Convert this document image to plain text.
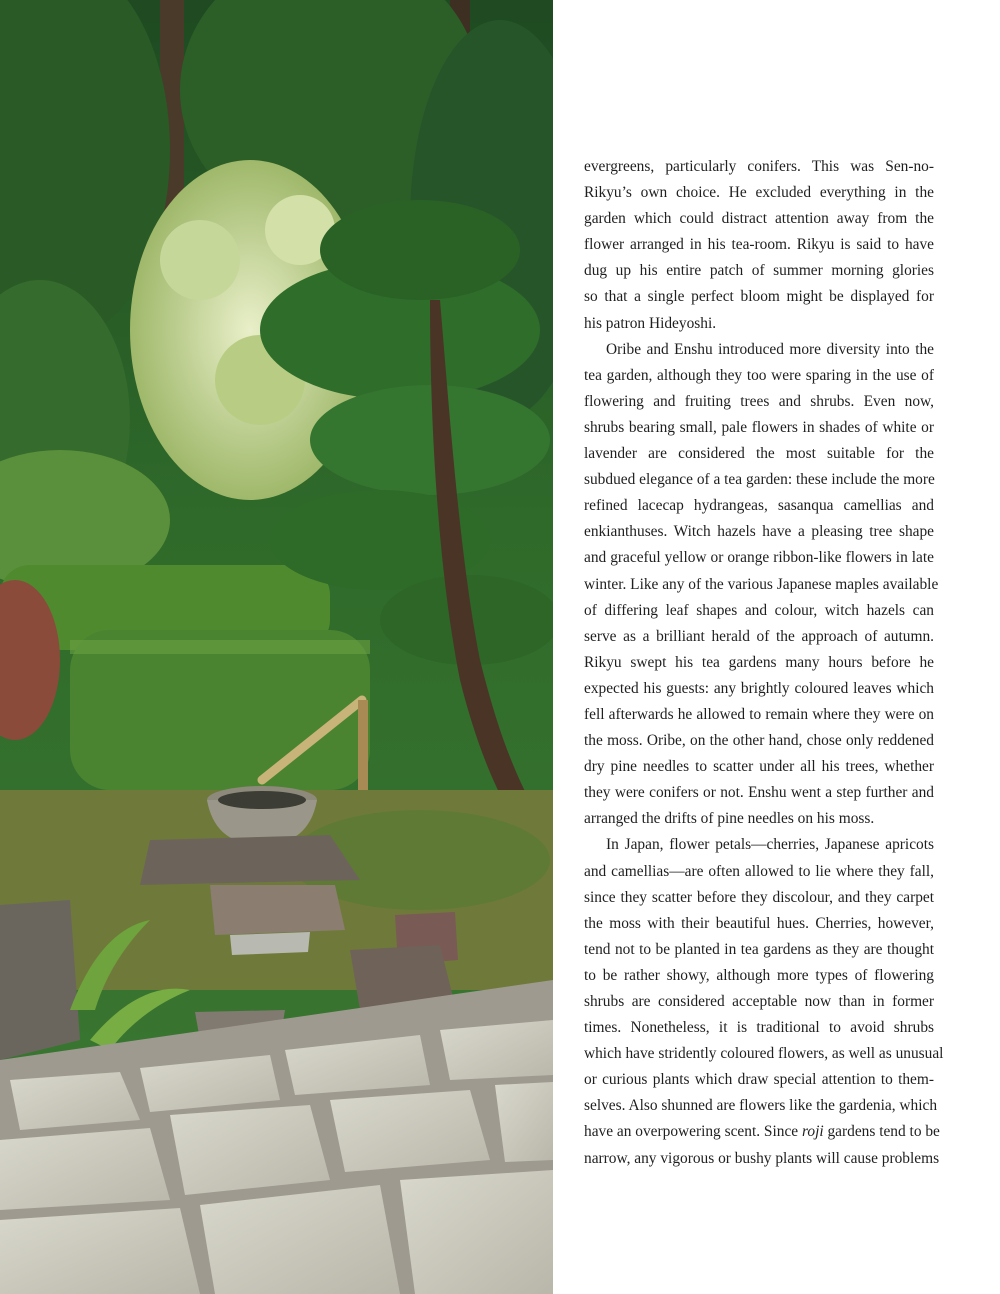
evergreens, particularly conifers. This was Sen-no-
Rikyu’s own choice. He excluded everything in the
garden which could distract attention away from the
flower arranged in his tea-room. Rikyu is said to have
dug up his entire patch of summer morning glories
so that a single perfect bloom might be displayed for
his patron Hideyoshi.
Oribe and Enshu introduced more diversity into the
tea garden, although they too were sparing in the use of
flowering and fruiting trees and shrubs. Even now,
shrubs bearing small, pale flowers in shades of white or
lavender are considered the most suitable for the
subdued elegance of a tea garden: these include the more
refined lacecap hydrangeas, sasanqua camellias and
enkianthuses. Witch hazels have a pleasing tree shape
and graceful yellow or orange ribbon-like flowers in late
winter. Like any of the various Japanese maples available
of differing leaf shapes and colour, witch hazels can
serve as a brilliant herald of the approach of autumn.
Rikyu swept his tea gardens many hours before he
expected his guests: any brightly coloured leaves which
fell afterwards he allowed to remain where they were on
the moss. Oribe, on the other hand, chose only reddened
dry pine needles to scatter under all his trees, whether
they were conifers or not. Enshu went a step further and
arranged the drifts of pine needles on his moss.
In Japan, flower petals—cherries, Japanese apricots
and camellias—are often allowed to lie where they fall,
since they scatter before they discolour, and they carpet
the moss with their beautiful hues. Cherries, however,
tend not to be planted in tea gardens as they are thought
to be rather showy, although more types of flowering
shrubs are considered acceptable now than in former
times. Nonetheless, it is traditional to avoid shrubs
which have stridently coloured flowers, as well as unusual
or curious plants which draw special attention to them-
selves. Also shunned are flowers like the gardenia, which
have an overpowering scent. Since roji gardens tend to be
narrow, any vigorous or bushy plants will cause problems
